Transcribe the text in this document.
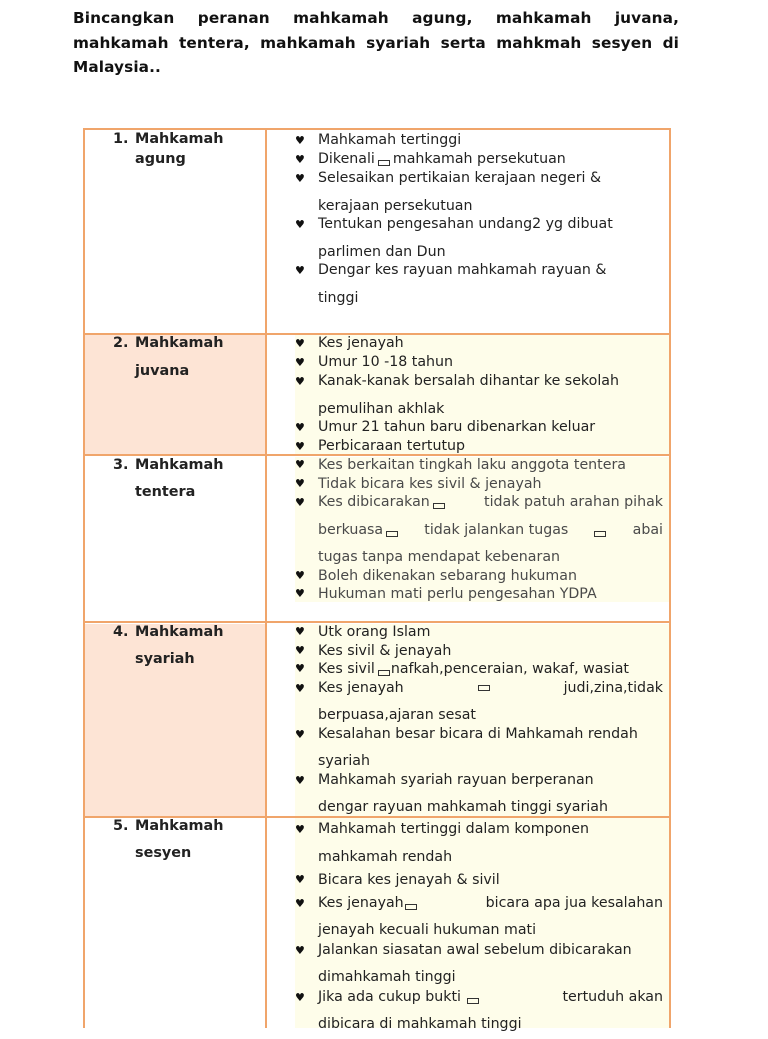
Bincangkan peranan mahkamah agung, mahkamah juvana, mahkamah tentera, mahkamah syariah serta mahkmah sesyen di Malaysia..
1. Mahkamah
agung
♥ Mahkamah tertinggi
♥ Dikenali mahkamah persekutuan
♥ Selesaikan pertikaian kerajaan negeri &
kerajaan persekutuan
♥ Tentukan pengesahan undang2 yg dibuat
parlimen dan Dun
♥ Dengar kes rayuan mahkamah rayuan &
tinggi
2. Mahkamah
juvana
♥ Kes jenayah
♥ Umur 10 -18 tahun
♥ Kanak-kanak bersalah dihantar ke sekolah
pemulihan akhlak
♥ Umur 21 tahun baru dibenarkan keluar
♥ Perbicaraan tertutup
3. Mahkamah
tentera
♥ Kes berkaitan tingkah laku anggota tentera
♥ Tidak bicara kes sivil & jenayah
♥ Kes dibicarakan	tidak patuh arahan pihak
berkuasa	tidak jalankan tugas	abai
tugas tanpa mendapat kebenaran
♥ Boleh dikenakan sebarang hukuman
♥ Hukuman mati perlu pengesahan YDPA
4. Mahkamah
syariah
♥ Utk orang Islam
♥ Kes sivil & jenayah
♥ Kes sivil nafkah,penceraian, wakaf, wasiat
♥ Kes jenayah	judi,zina,tidak
berpuasa,ajaran sesat
♥ Kesalahan besar bicara di Mahkamah rendah
syariah
♥ Mahkamah syariah rayuan berperanan
dengar rayuan mahkamah tinggi syariah
5. Mahkamah
sesyen
♥ Mahkamah tertinggi dalam komponen
mahkamah rendah
♥ Bicara kes jenayah & sivil
♥ Kes jenayah	bicara apa jua kesalahan
jenayah kecuali hukuman mati
♥ Jalankan siasatan awal sebelum dibicarakan
dimahkamah tinggi
♥ Jika ada cukup bukti	tertuduh akan
dibicara di mahkamah tinggi
